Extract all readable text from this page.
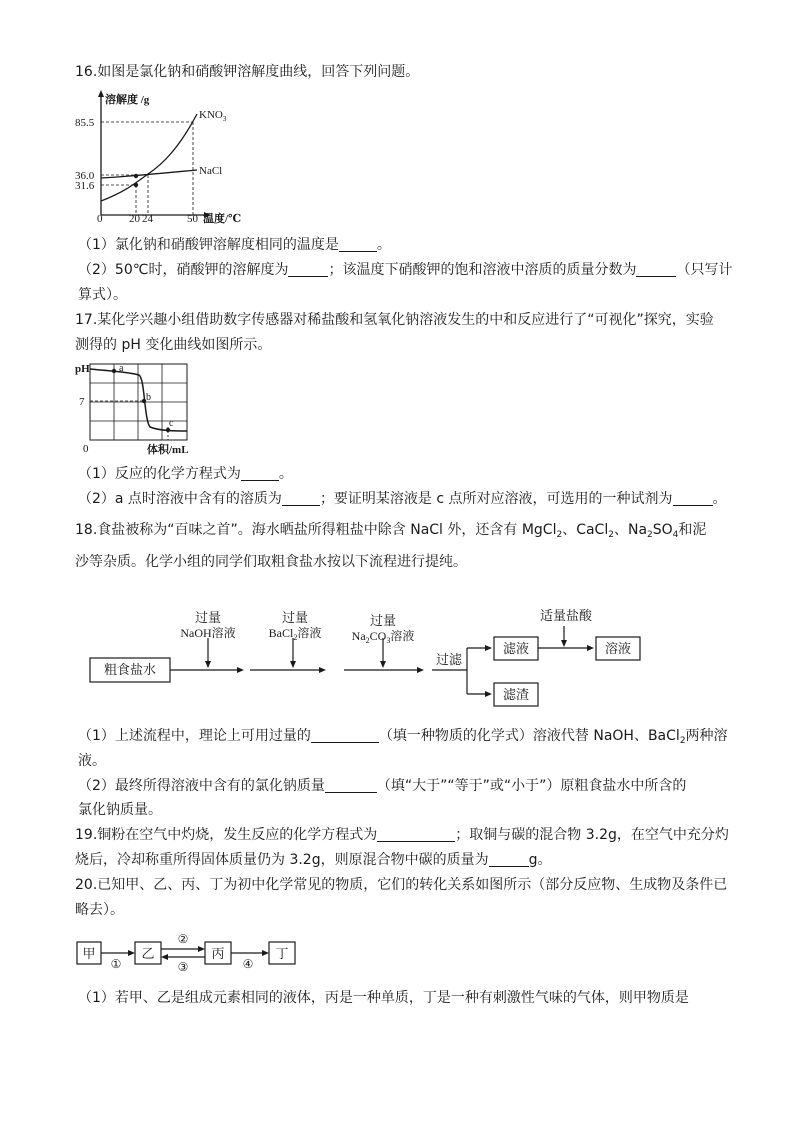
16.如图是氯化钠和硝酸钾溶解度曲线，回答下列问题。
溶解度 /g
85.5
36.0
31.6
0 20 24	50 温度/℃
$KNO_3$
NaCl
（1）氯化钠和硝酸钾溶解度相同的温度是	。
（2）50℃时，硝酸钾的溶解度为	；该温度下硝酸钾的饱和溶液中溶质的质量分数为	（只写计
算式）。
17.某化学兴趣小组借助数字传感器对稀盐酸和氢氧化钠溶液发生的中和反应进行了“可视化”探究，实验
测得的 pH 变化曲线如图所示。
pH
7
0
a
b
c
体积/mL
（1）反应的化学方程式为	。
（2）a 点时溶液中含有的溶质为	；要证明某溶液是 c 点所对应溶液，可选用的一种试剂为	。
18.食盐被称为“百味之首”。海水晒盐所得粗盐中除含 NaCl 外，还含有 MgCl$_2$、CaCl$_2$、$Na_2SO_4$和泥
沙等杂质。化学小组的同学们取粗食盐水按以下流程进行提纯。
粗食盐水
过量
NaOH溶液
过量
BaCl$_2$溶液
过量
$Na_2CO_3$溶液
过滤
滤液
滤渣
适量盐酸
溶液
（1）上述流程中，理论上可用过量的	（填一种物质的化学式）溶液代替 NaOH、BaCl$_2$两种溶
液。
（2）最终所得溶液中含有的氯化钠质量	（填“大于”“等于”或“小于”）原粗食盐水中所含的
氯化钠质量。
19.铜粉在空气中灼烧，发生反应的化学方程式为	；取铜与碳的混合物 3.2g，在空气中充分灼
烧后，冷却称重所得固体质量仍为 3.2g，则原混合物中碳的质量为	g。
20.已知甲、乙、丙、丁为初中化学常见的物质，它们的转化关系如图所示（部分反应物、生成物及条件已
略去）。
甲
①
乙
②
③
丙
④
丁
（1）若甲、乙是组成元素相同的液体，丙是一种单质，丁是一种有刺激性气味的气体，则甲物质是
